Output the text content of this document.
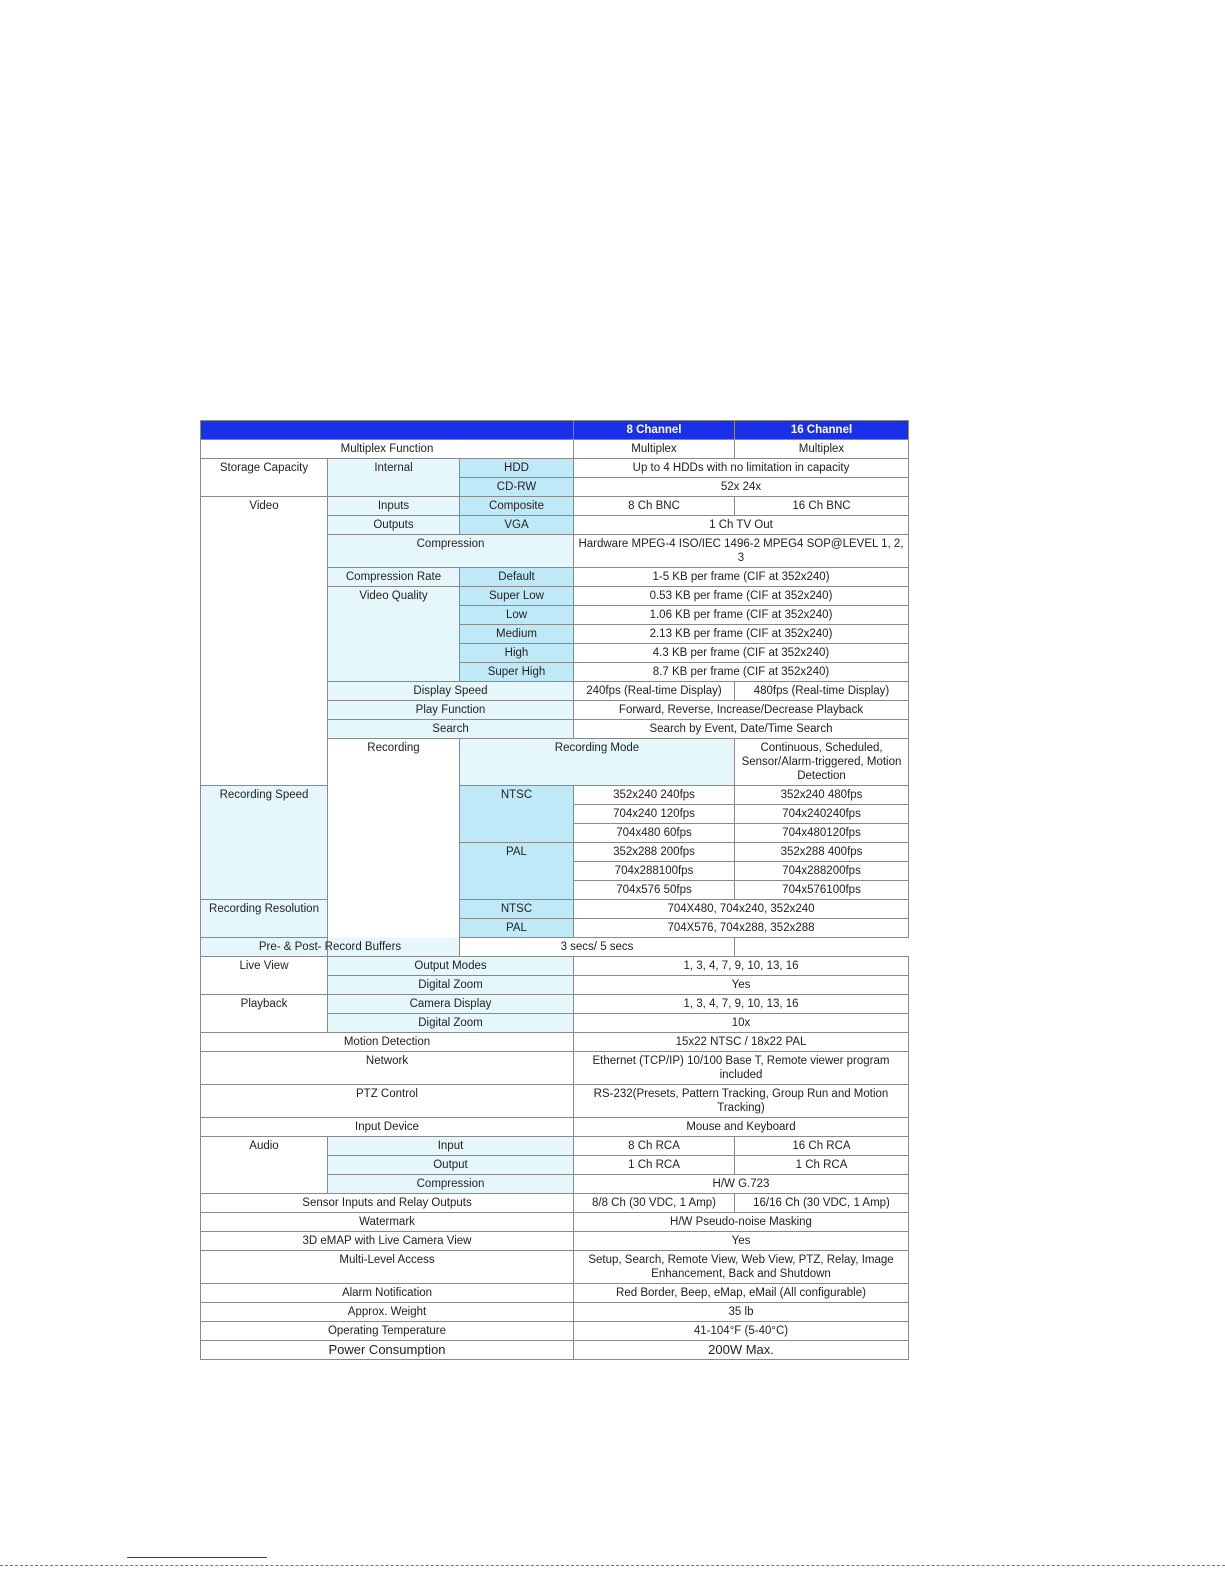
			8 Channel	16 Channel
Multiplex Function			Multiplex	Multiplex
Storage Capacity	Internal	HDD	Up to 4 HDDs with no limitation in capacity	
		CD-RW	52x 24x	
Video	Inputs	Composite	8 Ch BNC	16 Ch BNC
	Outputs	VGA	1 Ch TV Out	
	Compression		Hardware MPEG-4 ISO/IEC 1496-2 MPEG4 SOP@LEVEL 1, 2, 3	
	Compression Rate	Default	1-5 KB per frame (CIF at 352x240)	
	Video Quality	Super Low	0.53 KB per frame (CIF at 352x240)	
		Low	1.06 KB per frame (CIF at 352x240)	
		Medium	2.13 KB per frame (CIF at 352x240)	
		High	4.3 KB per frame (CIF at 352x240)	
		Super High	8.7 KB per frame (CIF at 352x240)	
	Display Speed		240fps (Real-time Display)	480fps (Real-time Display)
	Play Function		Forward, Reverse, Increase/Decrease Playback	
	Search		Search by Event, Date/Time Search	
	Recording	Recording Mode		Continuous, Scheduled, Sensor/Alarm-triggered, Motion Detection
Recording Speed		NTSC	352x240 240fps	352x240 480fps
			704x240 120fps	704x240240fps
			704x480 60fps	704x480120fps
		PAL	352x288 200fps	352x288 400fps
			704x288100fps	704x288200fps
			704x576 50fps	704x576100fps
Recording Resolution		NTSC	704X480, 704x240, 352x240	
		PAL	704X576, 704x288, 352x288	
Pre- & Post- Record Buffers		3 secs/ 5 secs		
Live View	Output Modes		1, 3, 4, 7, 9, 10, 13, 16	
	Digital Zoom		Yes	
Playback	Camera Display		1, 3, 4, 7, 9, 10, 13, 16	
	Digital Zoom		10x	
Motion Detection			15x22 NTSC / 18x22 PAL	
Network			Ethernet (TCP/IP) 10/100 Base T, Remote viewer program included	
PTZ Control			RS-232(Presets, Pattern Tracking, Group Run and Motion Tracking)	
Input Device			Mouse and Keyboard	
Audio	Input		8 Ch RCA	16 Ch RCA
	Output		1 Ch RCA	1 Ch RCA
	Compression		H/W G.723	
Sensor Inputs and Relay Outputs			8/8 Ch (30 VDC, 1 Amp)	16/16 Ch (30 VDC, 1 Amp)
Watermark			H/W Pseudo-noise Masking	
3D eMAP with Live Camera View			Yes	
Multi-Level Access			Setup, Search, Remote View, Web View, PTZ, Relay, Image Enhancement, Back and Shutdown	
Alarm Notification			Red Border, Beep, eMap, eMail (All configurable)	
Approx. Weight			35 lb	
Operating Temperature			41-104°F (5-40°C)	
Power Consumption			200W Max.	
